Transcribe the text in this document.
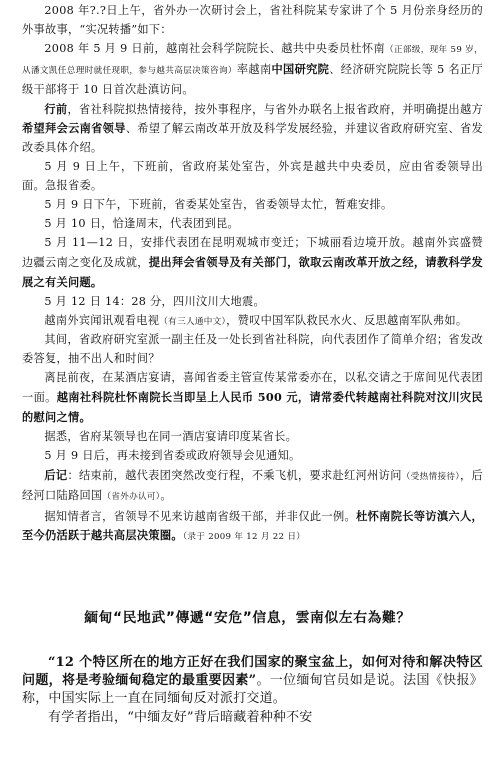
2008 年?.?日上午，省外办一次研讨会上，省社科院某专家讲了个 5 月份亲身经历的外事故事，“实况转播”如下：

2008 年 5 月 9 日前，越南社会科学院院长、越共中央委员杜怀南（正部级，现年 59 岁，从潘文凯任总理时就任现职，参与越共高层决策咨询）率越南中国研究院、经济研究院院长等 5 名正厅级干部将于 10 日首次赴滇访问。

行前，省社科院拟热情接待，按外事程序，与省外办联名上报省政府，并明确提出越方希望拜会云南省领导、希望了解云南改革开放及科学发展经验，并建议省政府研究室、省发改委具体介绍。

5 月 9 日上午，下班前，省政府某处室告，外宾是越共中央委员，应由省委领导出面。急报省委。

5 月 9 日下午，下班前，省委某处室告，省委领导太忙，暂难安排。

5 月 10 日，恰逢周末，代表团到昆。

5 月 11—12 日，安排代表团在昆明观城市变迁；下城丽看边境开放。越南外宾盛赞边疆云南之变化及成就，提出拜会省领导及有关部门，欲取云南改革开放之经，请教科学发展之有关问题。

5 月 12 日 14：28 分，四川汶川大地震。

越南外宾闻讯观看电视（有三人通中文），赞叹中国军队救民水火、反思越南军队弗如。

其间，省政府研究室派一副主任及一处长到省社科院，向代表团作了简单介绍；省发改委答复，抽不出人和时间？

离昆前夜，在某酒店宴请，喜闻省委主管宣传某常委亦在，以私交请之于席间见代表团一面。越南社科院杜怀南院长当即呈上人民币 500 元，请常委代转越南社科院对汶川灾民的慰问之情。

据悉，省府某领导也在同一酒店宴请印度某省长。

5 月 9 日后，再未接到省委或政府领导会见通知。

后记：结束前，越代表团突然改变行程，不乘飞机，要求赴红河州访问（受热情接待），后经河口陆路回国（省外办认可）。

据知情者言，省领导不见来访越南省级干部，并非仅此一例。杜怀南院长等访滇六人，至今仍活跃于越共高层决策圈。（录于 2009 年 12 月 22 日）

緬甸“民地武”傳遞“安危”信息，雲南似左右為難？

“12 个特区所在的地方正好在我们国家的聚宝盆上，如何对待和解决特区问题，将是考验缅甸稳定的最重要因素”。一位缅甸官员如是说。法国《快报》称，中国实际上一直在同缅甸反对派打交道。

有学者指出，“中缅友好”背后暗藏着种种不安
